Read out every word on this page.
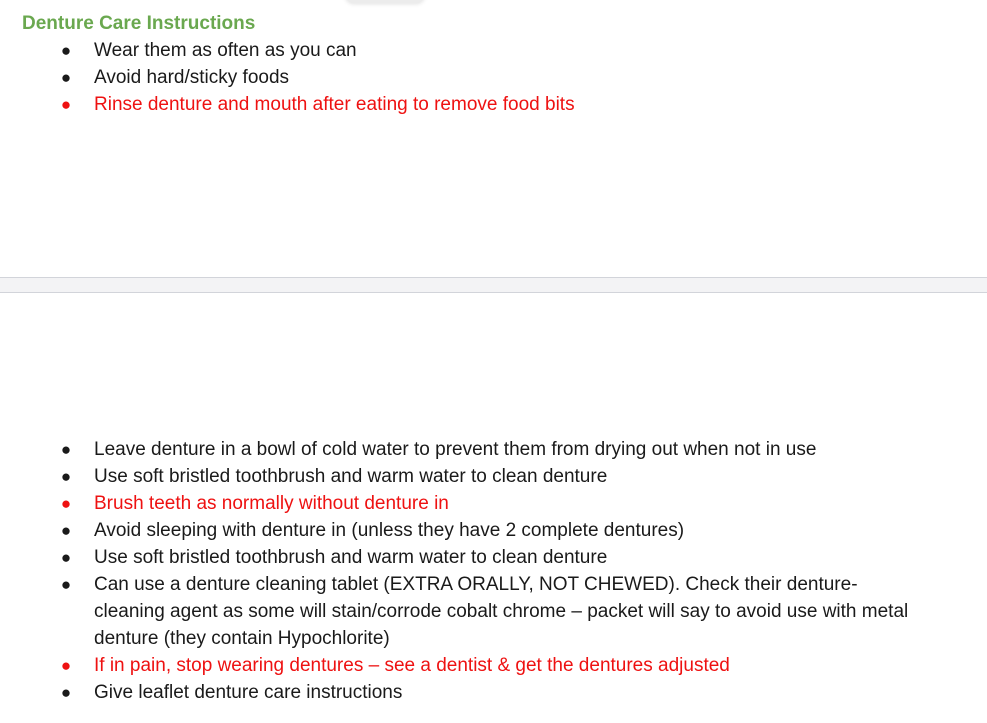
Denture Care Instructions
● Wear them as often as you can
● Avoid hard/sticky foods
● Rinse denture and mouth after eating to remove food bits
● Leave denture in a bowl of cold water to prevent them from drying out when not in use
● Use soft bristled toothbrush and warm water to clean denture
● Brush teeth as normally without denture in
● Avoid sleeping with denture in (unless they have 2 complete dentures)
● Use soft bristled toothbrush and warm water to clean denture
● Can use a denture cleaning tablet (EXTRA ORALLY, NOT CHEWED). Check their denture-cleaning agent as some will stain/corrode cobalt chrome – packet will say to avoid use with metal denture (they contain Hypochlorite)
● If in pain, stop wearing dentures – see a dentist & get the dentures adjusted
● Give leaflet denture care instructions
